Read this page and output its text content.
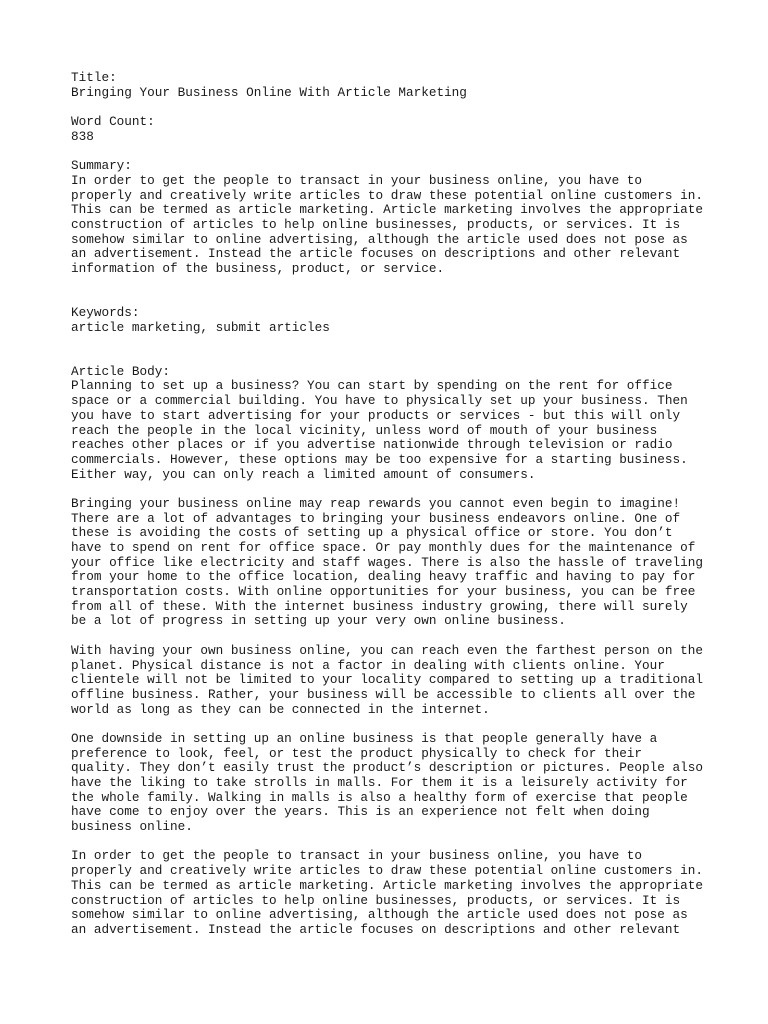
Title:
Bringing Your Business Online With Article Marketing
Word Count:
838
Summary:
In order to get the people to transact in your business online, you have to
properly and creatively write articles to draw these potential online customers in.
This can be termed as article marketing. Article marketing involves the appropriate
construction of articles to help online businesses, products, or services. It is
somehow similar to online advertising, although the article used does not pose as
an advertisement. Instead the article focuses on descriptions and other relevant
information of the business, product, or service.
Keywords:
article marketing, submit articles
Article Body:
Planning to set up a business? You can start by spending on the rent for office
space or a commercial building. You have to physically set up your business. Then
you have to start advertising for your products or services - but this will only
reach the people in the local vicinity, unless word of mouth of your business
reaches other places or if you advertise nationwide through television or radio
commercials. However, these options may be too expensive for a starting business.
Either way, you can only reach a limited amount of consumers.
Bringing your business online may reap rewards you cannot even begin to imagine!
There are a lot of advantages to bringing your business endeavors online. One of
these is avoiding the costs of setting up a physical office or store. You don’t
have to spend on rent for office space. Or pay monthly dues for the maintenance of
your office like electricity and staff wages. There is also the hassle of traveling
from your home to the office location, dealing heavy traffic and having to pay for
transportation costs. With online opportunities for your business, you can be free
from all of these. With the internet business industry growing, there will surely
be a lot of progress in setting up your very own online business.
With having your own business online, you can reach even the farthest person on the
planet. Physical distance is not a factor in dealing with clients online. Your
clientele will not be limited to your locality compared to setting up a traditional
offline business. Rather, your business will be accessible to clients all over the
world as long as they can be connected in the internet.
One downside in setting up an online business is that people generally have a
preference to look, feel, or test the product physically to check for their
quality. They don’t easily trust the product’s description or pictures. People also
have the liking to take strolls in malls. For them it is a leisurely activity for
the whole family. Walking in malls is also a healthy form of exercise that people
have come to enjoy over the years. This is an experience not felt when doing
business online.
In order to get the people to transact in your business online, you have to
properly and creatively write articles to draw these potential online customers in.
This can be termed as article marketing. Article marketing involves the appropriate
construction of articles to help online businesses, products, or services. It is
somehow similar to online advertising, although the article used does not pose as
an advertisement. Instead the article focuses on descriptions and other relevant
